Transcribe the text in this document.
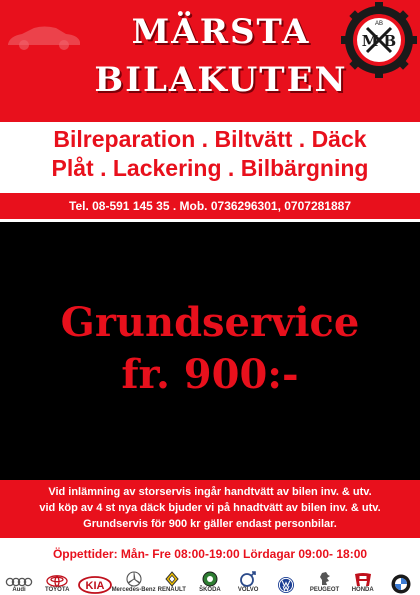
MÄRSTA
BILAKUTEN
M B
AB
Bilreparation . Biltvätt . Däck
Plåt . Lackering . Bilbärgning
Tel. 08-591 145 35 . Mob. 0736296301, 0707281887
Grundservice
fr. 900:-
Vid inlämning av storservis ingår handtvätt av bilen inv. & utv.
vid köp av 4 st nya däck bjuder vi på hnadtvätt av bilen inv. & utv.
Grundservis för 900 kr gäller endast personbilar.
Öppettider: Mån- Fre 08:00-19:00 Lördagar 09:00- 18:00
Audi	TOYOTA KIA Mercedes-Benz RENAULT ŠKODA	VOLVO	PEUGEOT HONDA
